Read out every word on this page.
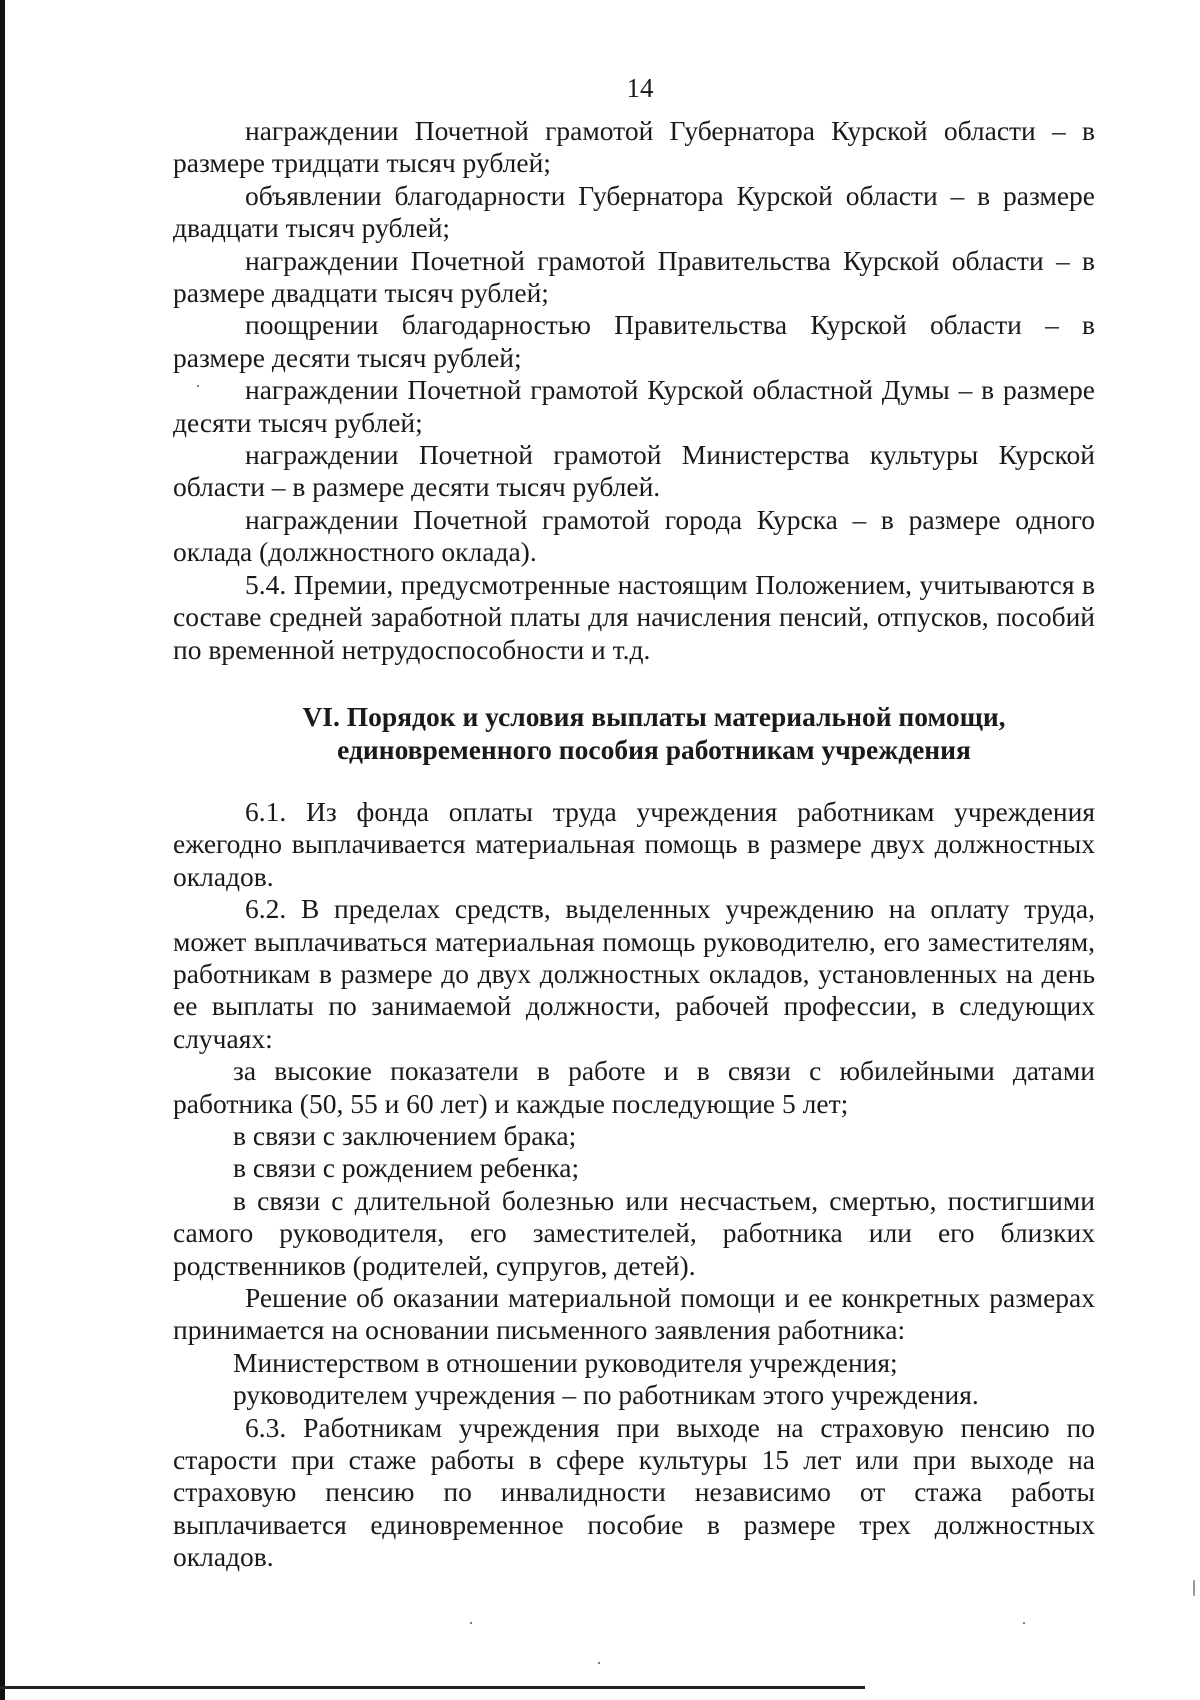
14

награждении Почетной грамотой Губернатора Курской области – в размере тридцати тысяч рублей;

объявлении благодарности Губернатора Курской области – в размере двадцати тысяч рублей;

награждении Почетной грамотой Правительства Курской области – в размере двадцати тысяч рублей;

поощрении благодарностью Правительства Курской области – в размере десяти тысяч рублей;

награждении Почетной грамотой Курской областной Думы – в размере десяти тысяч рублей;

награждении Почетной грамотой Министерства культуры Курской области – в размере десяти тысяч рублей.

награждении Почетной грамотой города Курска – в размере одного оклада (должностного оклада).

5.4. Премии, предусмотренные настоящим Положением, учитываются в составе средней заработной платы для начисления пенсий, отпусков, пособий по временной нетрудоспособности и т.д.

VI. Порядок и условия выплаты материальной помощи,
единовременного пособия работникам учреждения

6.1. Из фонда оплаты труда учреждения работникам учреждения ежегодно выплачивается материальная помощь в размере двух должностных окладов.

6.2. В пределах средств, выделенных учреждению на оплату труда, может выплачиваться материальная помощь руководителю, его заместителям, работникам в размере до двух должностных окладов, установленных на день ее выплаты по занимаемой должности, рабочей профессии, в следующих случаях:

за высокие показатели в работе и в связи с юбилейными датами работника (50, 55 и 60 лет) и каждые последующие 5 лет;

в связи с заключением брака;

в связи с рождением ребенка;

в связи с длительной болезнью или несчастьем, смертью, постигшими самого руководителя, его заместителей, работника или его близких родственников (родителей, супругов, детей).

Решение об оказании материальной помощи и ее конкретных размерах принимается на основании письменного заявления работника:

Министерством в отношении руководителя учреждения;

руководителем учреждения – по работникам этого учреждения.

6.3. Работникам учреждения при выходе на страховую пенсию по старости при стаже работы в сфере культуры 15 лет или при выходе на страховую пенсию по инвалидности независимо от стажа работы выплачивается единовременное пособие в размере трех должностных окладов.
